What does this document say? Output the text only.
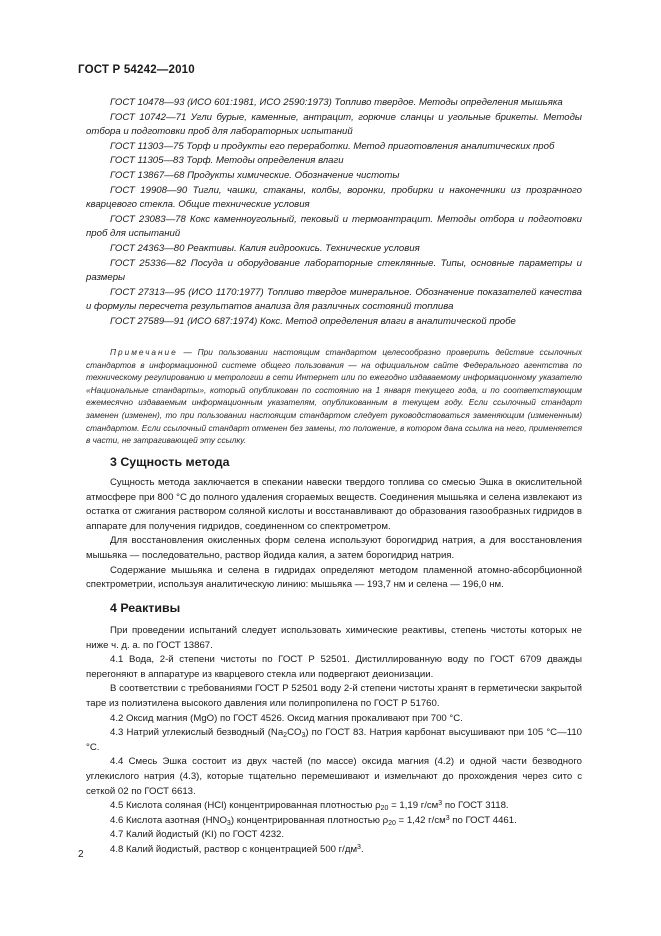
ГОСТ Р 54242—2010

ГОСТ 10478—93 (ИСО 601:1981, ИСО 2590:1973) Топливо твердое. Методы определения мышьяка

ГОСТ 10742—71 Угли бурые, каменные, антрацит, горючие сланцы и угольные брикеты. Методы отбора и подготовки проб для лабораторных испытаний

ГОСТ 11303—75 Торф и продукты его переработки. Метод приготовления аналитических проб

ГОСТ 11305—83 Торф. Методы определения влаги

ГОСТ 13867—68 Продукты химические. Обозначение чистоты

ГОСТ 19908—90 Тигли, чашки, стаканы, колбы, воронки, пробирки и наконечники из прозрачного кварцевого стекла. Общие технические условия

ГОСТ 23083—78 Кокс каменноугольный, пековый и термоантрацит. Методы отбора и подготовки проб для испытаний

ГОСТ 24363—80 Реактивы. Калия гидроокись. Технические условия

ГОСТ 25336—82 Посуда и оборудование лабораторные стеклянные. Типы, основные параметры и размеры

ГОСТ 27313—95 (ИСО 1170:1977) Топливо твердое минеральное. Обозначение показателей качества и формулы пересчета результатов анализа для различных состояний топлива

ГОСТ 27589—91 (ИСО 687:1974) Кокс. Метод определения влаги в аналитической пробе

Примечание — При пользовании настоящим стандартом целесообразно проверить действие ссылочных стандартов в информационной системе общего пользования — на официальном сайте Федерального агентства по техническому регулированию и метрологии в сети Интернет или по ежегодно издаваемому информационному указателю «Национальные стандарты», который опубликован по состоянию на 1 января текущего года, и по соответствующим ежемесячно издаваемым информационным указателям, опубликованным в текущем году. Если ссылочный стандарт заменен (изменен), то при пользовании настоящим стандартом следует руководствоваться заменяющим (измененным) стандартом. Если ссылочный стандарт отменен без замены, то положение, в котором дана ссылка на него, применяется в части, не затрагивающей эту ссылку.

3 Сущность метода

Сущность метода заключается в спекании навески твердого топлива со смесью Эшка в окислительной атмосфере при 800 °С до полного удаления сгораемых веществ. Соединения мышьяка и селена извлекают из остатка от сжигания раствором соляной кислоты и восстанавливают до образования газообразных гидридов в аппарате для получения гидридов, соединенном со спектрометром.

Для восстановления окисленных форм селена используют борогидрид натрия, а для восстановления мышьяка — последовательно, раствор йодида калия, а затем борогидрид натрия.

Содержание мышьяка и селена в гидридах определяют методом пламенной атомно-абсорбционной спектрометрии, используя аналитическую линию: мышьяка — 193,7 нм и селена — 196,0 нм.

4 Реактивы

При проведении испытаний следует использовать химические реактивы, степень чистоты которых не ниже ч. д. а. по ГОСТ 13867.

4.1 Вода, 2-й степени чистоты по ГОСТ Р 52501. Дистиллированную воду по ГОСТ 6709 дважды перегоняют в аппаратуре из кварцевого стекла или подвергают деионизации.

В соответствии с требованиями ГОСТ Р 52501 воду 2-й степени чистоты хранят в герметически закрытой таре из полиэтилена высокого давления или полипропилена по ГОСТ Р 51760.

4.2 Оксид магния (MgO) по ГОСТ 4526. Оксид магния прокаливают при 700 °С.

4.3 Натрий углекислый безводный $(Na_2CO_3)$ по ГОСТ 83. Натрия карбонат высушивают при 105 °С—110 °С.

4.4 Смесь Эшка состоит из двух частей (по массе) оксида магния (4.2) и одной части безводного углекислого натрия (4.3), которые тщательно перемешивают и измельчают до прохождения через сито с сеткой 02 по ГОСТ 6613.

4.5 Кислота соляная (HCl) концентрированная плотностью $\rho_{20} = 1,19$ $г/см^3$ по ГОСТ 3118.

4.6 Кислота азотная $(HNO_3)$ концентрированная плотностью $\rho_{20} = 1,42$ $г/см^3$ по ГОСТ 4461.

4.7 Калий йодистый (KI) по ГОСТ 4232.

4.8 Калий йодистый, раствор с концентрацией 500 $г/дм^3$.

2
